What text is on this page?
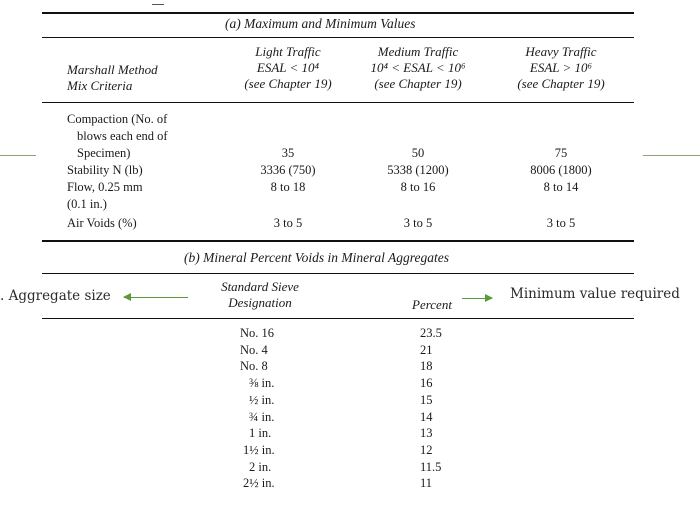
(a) Maximum and Minimum Values
Marshall Method
Mix Criteria
Light Traffic
ESAL < 10⁴
(see Chapter 19)
Medium Traffic
10⁴ < ESAL < 10⁶
(see Chapter 19)
Heavy Traffic
ESAL > 10⁶
(see Chapter 19)
Compaction (No. of
blows each end of
Specimen)
Stability N (lb)
Flow, 0.25 mm
(0.1 in.)
Air Voids (%)
35
3336 (750)
8 to 18
3 to 5
50
5338 (1200)
8 to 16
3 to 5
75
8006 (1800)
8 to 14
3 to 5
(b) Mineral Percent Voids in Mineral Aggregates
Standard Sieve
Designation	Percent
No. 16
No. 4
No. 8
⅜ in.
½ in.
¾ in.
1 in.
1½ in.
2 in.
2½ in.
23.5
21
18
16
15
14
13
12
11.5
11
. Aggregate size	Minimum value required
